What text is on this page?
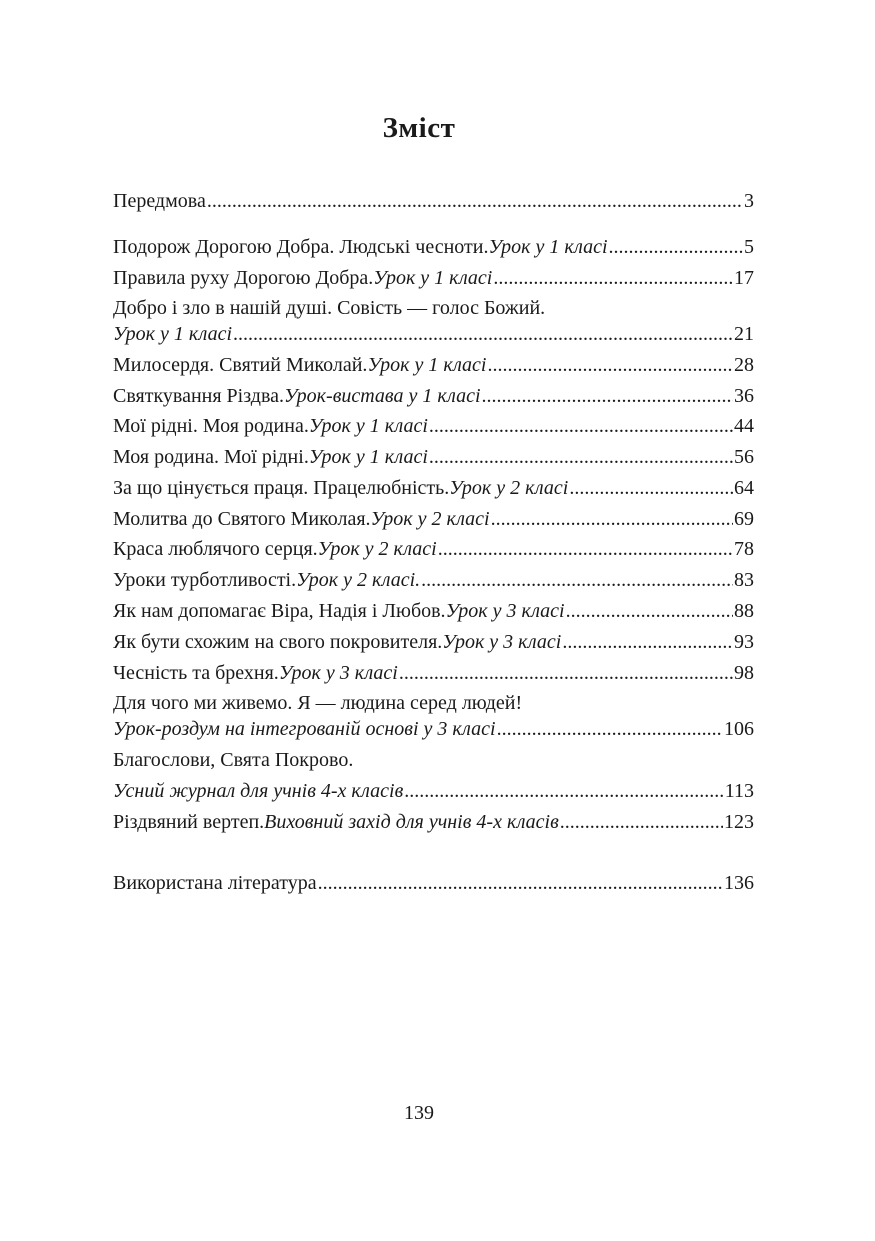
Зміст
Передмова .....	3
Подорож Дорогою Добра. Людські чесноти. Урок у 1 класі .....	5
Правила руху Дорогою Добра. Урок у 1 класі .....	17
Добро і зло в нашій душі. Совість — голос Божий.
Урок у 1 класі .....	21
Милосердя. Святий Миколай. Урок у 1 класі .....	28
Святкування Різдва. Урок-вистава у 1 класі .....	36
Мої рідні. Моя родина. Урок у 1 класі .....	44
Моя родина. Мої рідні. Урок у 1 класі .....	56
За що цінується праця. Працелюбність. Урок у 2 класі .....	64
Молитва до Святого Миколая. Урок у 2 класі .....	69
Краса люблячого серця. Урок у 2 класі .....	78
Уроки турботливості. Урок у 2 класі. .....	83
Як нам допомагає Віра, Надія і Любов. Урок у 3 класі .....	88
Як бути схожим на свого покровителя. Урок у 3 класі .....	93
Чесність та брехня. Урок у 3 класі .....	98
Для чого ми живемо. Я — людина серед людей!
Урок-роздум на інтегрованій основі у 3 класі .....	106
Благослови, Свята Покрово.
Усний журнал для учнів 4-х класів .....	113
Різдвяний вертеп. Виховний захід для учнів 4-х класів .....	123
Використана література .....	136
139
